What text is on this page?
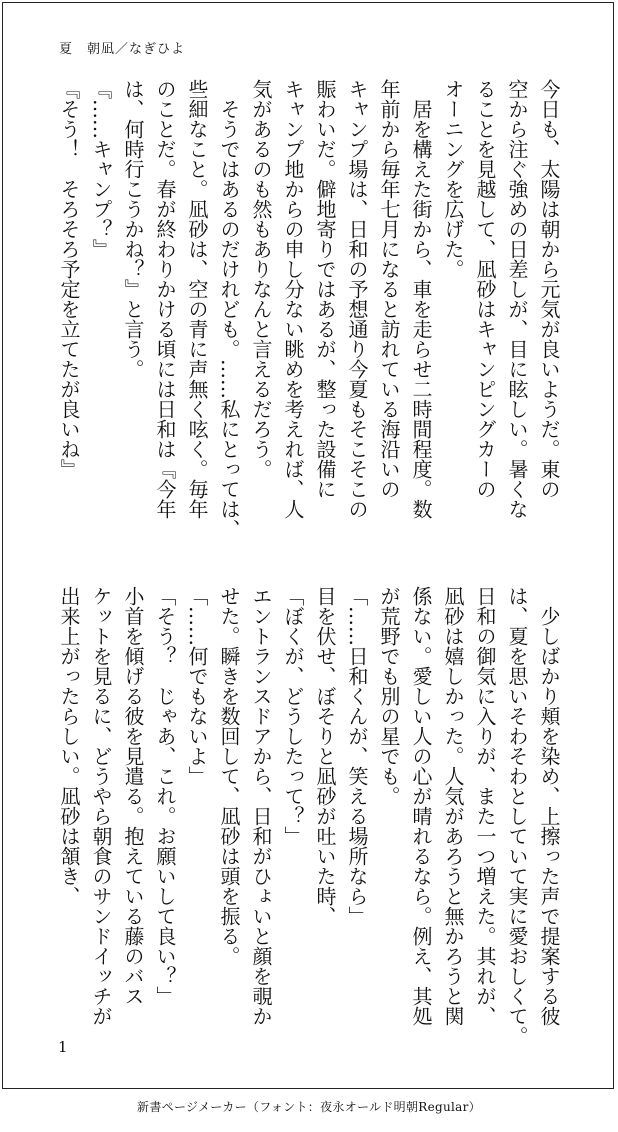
夏　朝凪／なぎひよ
今日も、太陽は朝から元気が良いようだ。東の
空から注ぐ強めの日差しが、目に眩しい。暑くな
ることを見越して、凪砂はキャンピングカーの
オーニングを広げた。
　居を構えた街から、車を走らせ二時間程度。数
年前から毎年七月になると訪れている海沿いの
キャンプ場は、日和の予想通り今夏もそこそこの
賑わいだ。僻地寄りではあるが、整った設備に
キャンプ地からの申し分ない眺めを考えれば、人
気があるのも然もありなんと言えるだろう。
　そうではあるのだけれども。……私にとっては、
些細なこと。凪砂は、空の青に声無く呟く。毎年
のことだ。春が終わりかける頃には日和は『今年
は、何時行こうかね？』と言う。
『……キャンプ？』
『そう！　そろそろ予定を立てたが良いね』
　少しばかり頬を染め、上擦った声で提案する彼
は、夏を思いそわそわとしていて実に愛おしくて。
日和の御気に入りが、また一つ増えた。其れが、
凪砂は嬉しかった。人気があろうと無かろうと関
係ない。愛しい人の心が晴れるなら。例え、其処
が荒野でも別の星でも。
「……日和くんが、笑える場所なら」
目を伏せ、ぼそりと凪砂が吐いた時、
「ぼくが、どうしたって？」
エントランスドアから、日和がひょいと顔を覗か
せた。瞬きを数回して、凪砂は頭を振る。
「……何でもないよ」
「そう？　じゃあ、これ。お願いして良い？」
小首を傾げる彼を見遣る。抱えている藤のバス
ケットを見るに、どうやら朝食のサンドイッチが
出来上がったらしい。凪砂は頷き、
1
新書ページメーカー（フォント：夜永オールド明朝Regular）
